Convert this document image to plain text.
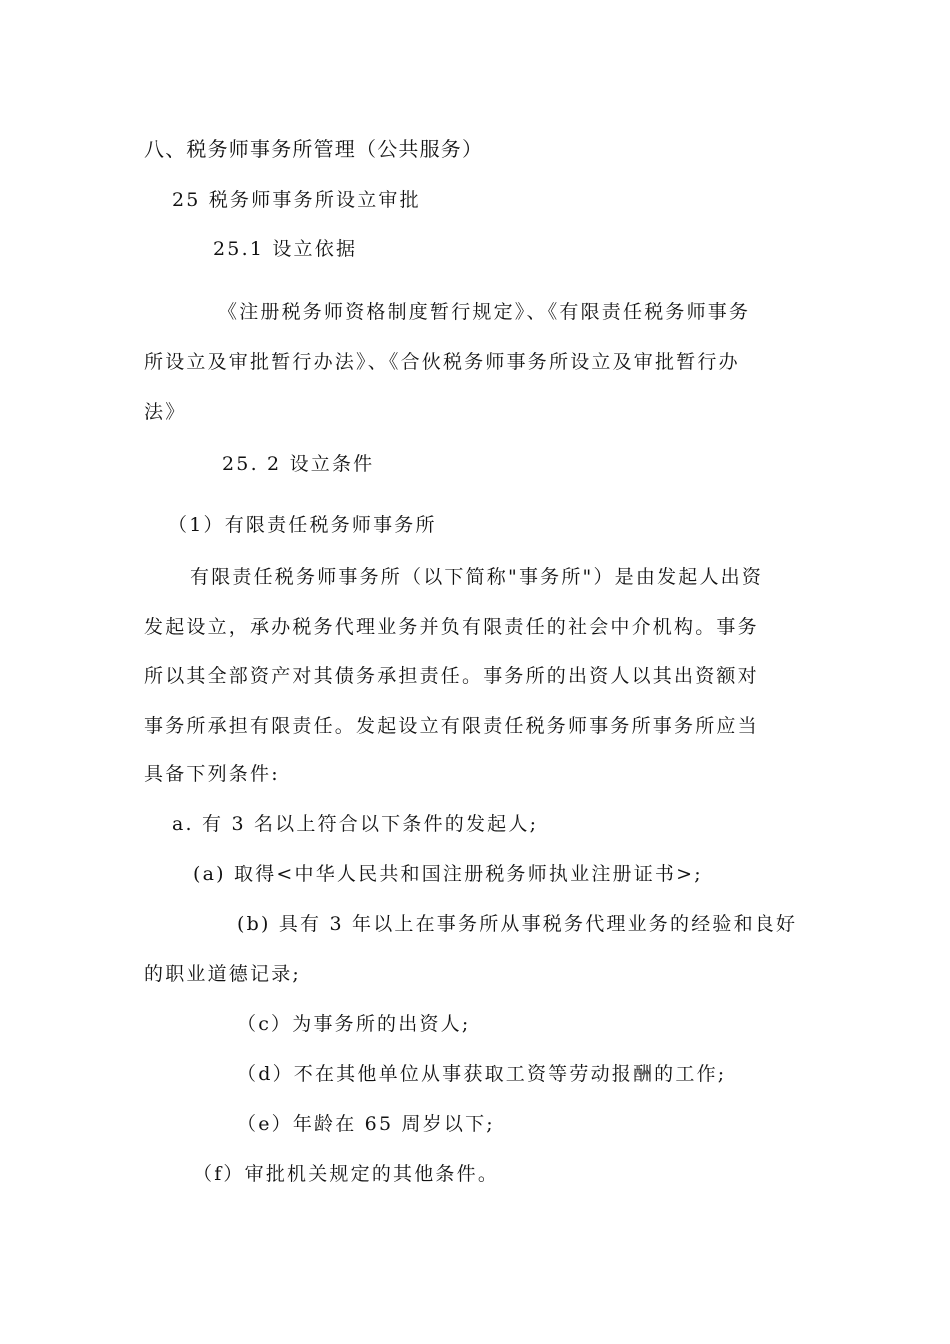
八、税务师事务所管理（公共服务）
25 税务师事务所设立审批
25.1 设立依据
《注册税务师资格制度暂行规定》、《有限责任税务师事务
所设立及审批暂行办法》、《合伙税务师事务所设立及审批暂行办
法》
25. 2 设立条件
（1）有限责任税务师事务所
有限责任税务师事务所（以下简称"事务所"）是由发起人出资
发起设立，承办税务代理业务并负有限责任的社会中介机构。事务
所以其全部资产对其债务承担责任。事务所的出资人以其出资额对
事务所承担有限责任。发起设立有限责任税务师事务所事务所应当
具备下列条件:
a. 有 3 名以上符合以下条件的发起人;
(a) 取得<中华人民共和国注册税务师执业注册证书>;
(b) 具有 3 年以上在事务所从事税务代理业务的经验和良好
的职业道德记录;
（c）为事务所的出资人;
（d）不在其他单位从事获取工资等劳动报酬的工作;
（e）年龄在 65 周岁以下;
（f）审批机关规定的其他条件。
